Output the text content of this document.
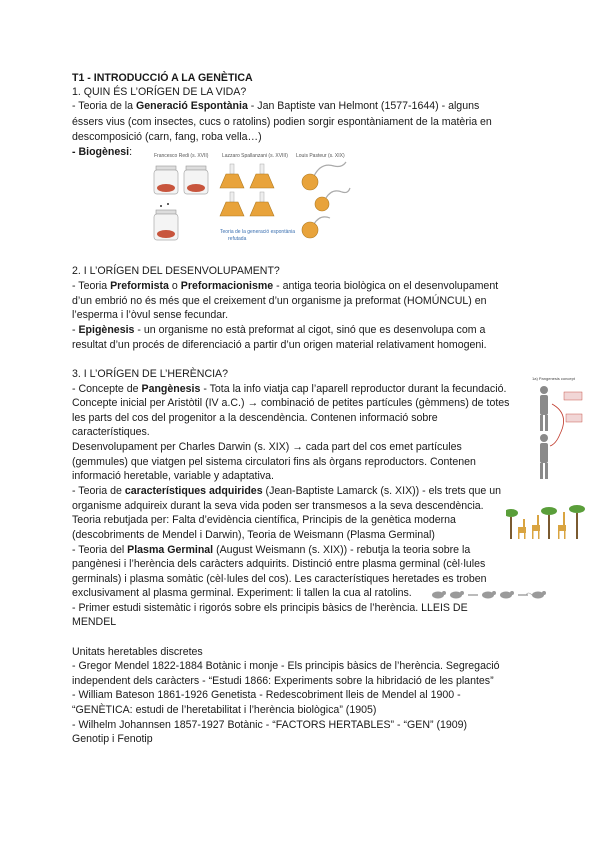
T1 - INTRODUCCIÓ A LA GENÈTICA
1. QUIN ÉS L’ORÍGEN DE LA VIDA?
- Teoria de la Generació Espontània - Jan Baptiste van Helmont (1577-1644) - alguns
éssers vius (com insectes, cucs o ratolins) podien sorgir espontàniament de la matèria en
descomposició (carn, fang, roba vella…)
- Biogènesi:	Francesco Redi (s. XVII)	Lazzaro Spallanzani (s. XVIII) Louis Pasteur (s. XIX)
Teoria de la generació espontània
refutada
2. I L’ORÍGEN DEL DESENVOLUPAMENT?
- Teoria Preformista o Preformacionisme - antiga teoria biològica on el desenvolupament
d’un embrió no és més que el creixement d’un organisme ja preformat (HOMÚNCUL) en
l’esperma i l’òvul sense fecundar.
- Epigènesis - un organisme no està preformat al cigot, sinó que es desenvolupa com a
resultat d’un procés de diferenciació a partir d’un origen material relativament homogeni.
3. I L’ORÍGEN DE L’HERÈNCIA?
- Concepte de Pangènesis - Tota la info viatja cap l’aparell reproductor durant la fecundació.
Concepte inicial per Aristòtil (IV a.C.) → combinació de petites partícules (gèmmens) de totes
les parts del cos del progenitor a la descendència. Contenen informació sobre
característiques.
Desenvolupament per Charles Darwin (s. XIX) → cada part del cos emet partícules
(gemmules) que viatgen pel sistema circulatori fins als òrgans reproductors. Contenen
informació heretable, variable y adaptativa.
- Teoria de característiques adquirides (Jean-Baptiste Lamarck (s. XIX)) - els trets que un
organisme adquireix durant la seva vida poden ser transmesos a la seva descendència.
Teoria rebutjada per: Falta d’evidència científica, Principis de la genètica moderna
(descobriments de Mendel i Darwin), Teoria de Weismann (Plasma Germinal)
- Teoria del Plasma Germinal (August Weismann (s. XIX)) - rebutja la teoria sobre la
pangènesi i l’herència dels caràcters adquirits. Distinció entre plasma germinal (cèl·lules
germinals) i plasma somàtic (cèl·lules del cos). Les característiques heretades es troben
exclusivament al plasma germinal. Experiment: li tallen la cua al ratolins.
- Primer estudi sistemàtic i rigorós sobre els principis bàsics de l’herència. LLEIS DE
MENDEL
1a) Pangenesis concept
Unitats heretables discretes
- Gregor Mendel 1822-1884 Botànic i monje - Els principis bàsics de l’herència. Segregació
independent dels caràcters - “Estudi 1866: Experiments sobre la hibridació de les plantes”
- William Bateson 1861-1926 Genetista - Redescobriment lleis de Mendel al 1900 -
“GENÈTICA: estudi de l’heretabilitat i l’herència biològica” (1905)
- Wilhelm Johannsen 1857-1927 Botànic - “FACTORS HERTABLES” - “GEN” (1909)
Genotip i Fenotip
